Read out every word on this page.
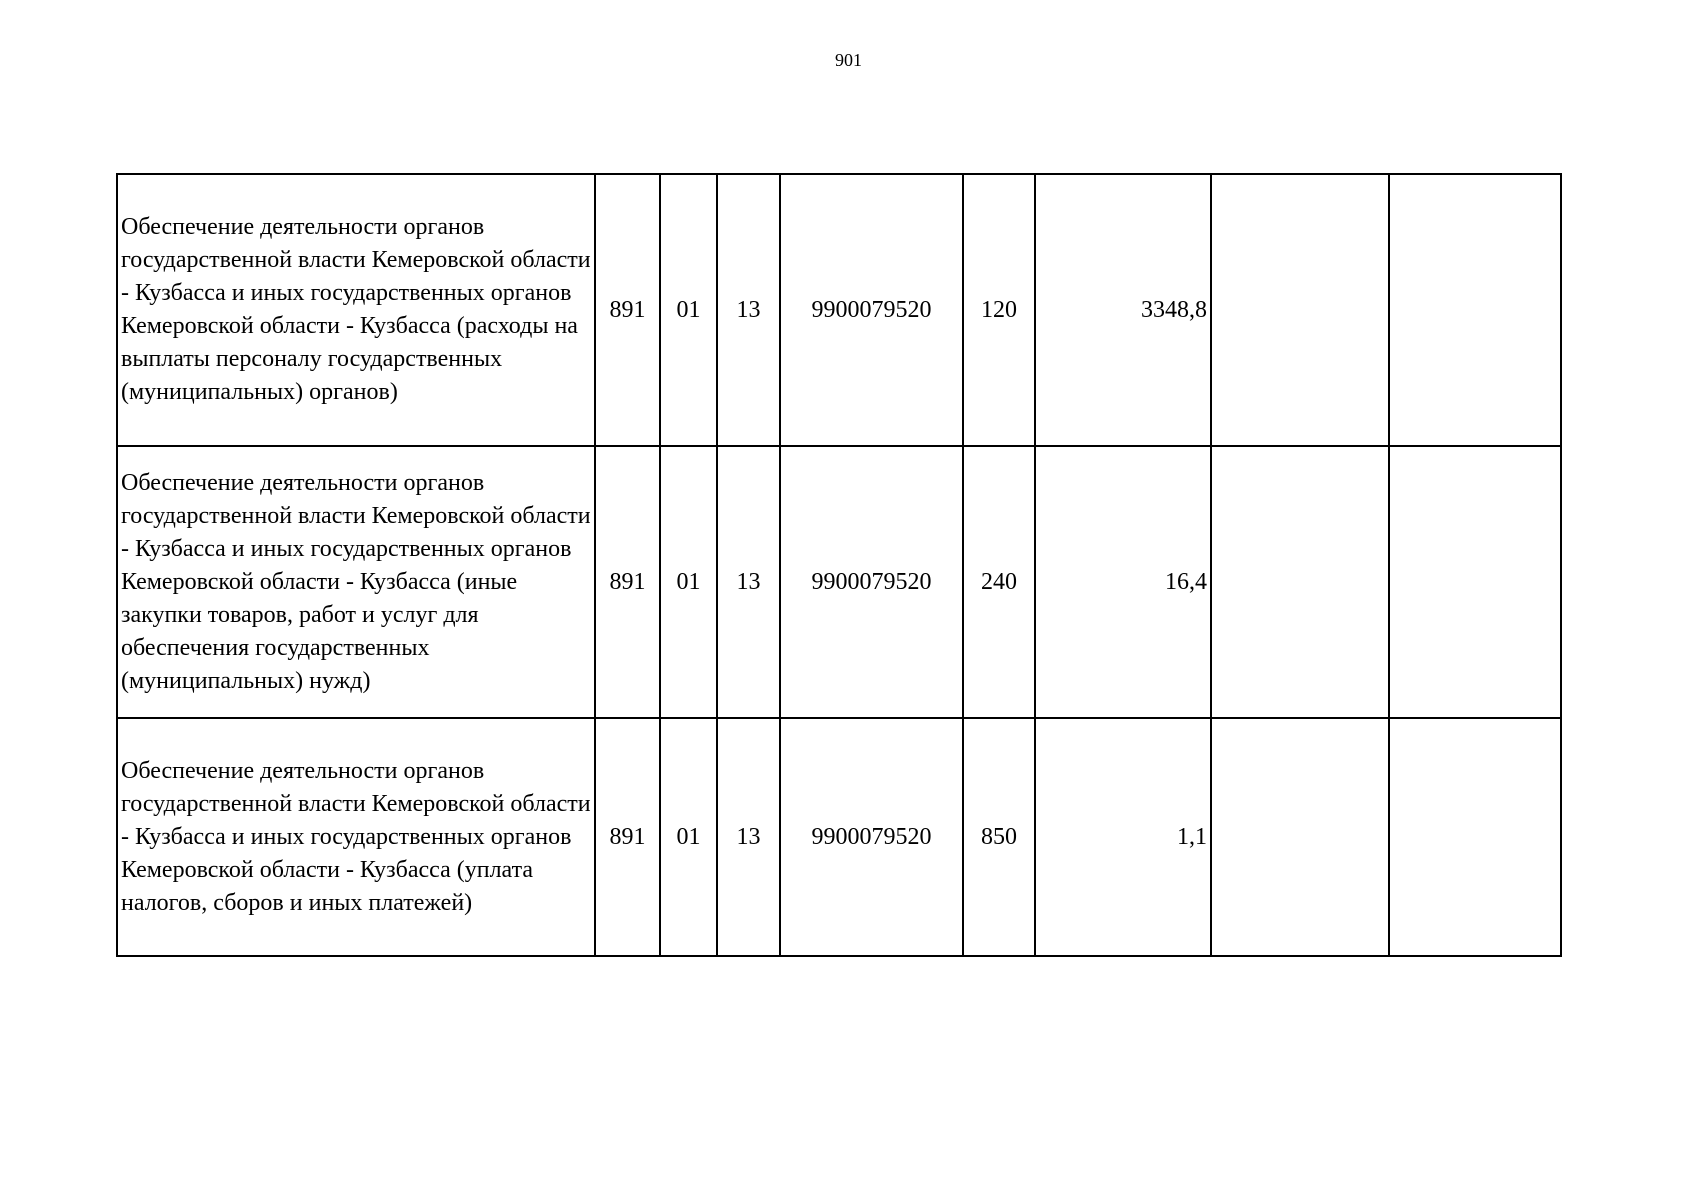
901
Обеспечение деятельности органов государственной власти Кемеровской области - Кузбасса и иных государственных органов Кемеровской области - Кузбасса (расходы на выплаты персоналу государственных (муниципальных) органов)	891	01	13	9900079520	120	3348,8		
Обеспечение деятельности органов государственной власти Кемеровской области - Кузбасса и иных государственных органов Кемеровской области - Кузбасса (иные закупки товаров, работ и услуг для обеспечения государственных (муниципальных) нужд)	891	01	13	9900079520	240	16,4		
Обеспечение деятельности органов государственной власти Кемеровской области - Кузбасса и иных государственных органов Кемеровской области - Кузбасса (уплата налогов, сборов и иных платежей)	891	01	13	9900079520	850	1,1		
